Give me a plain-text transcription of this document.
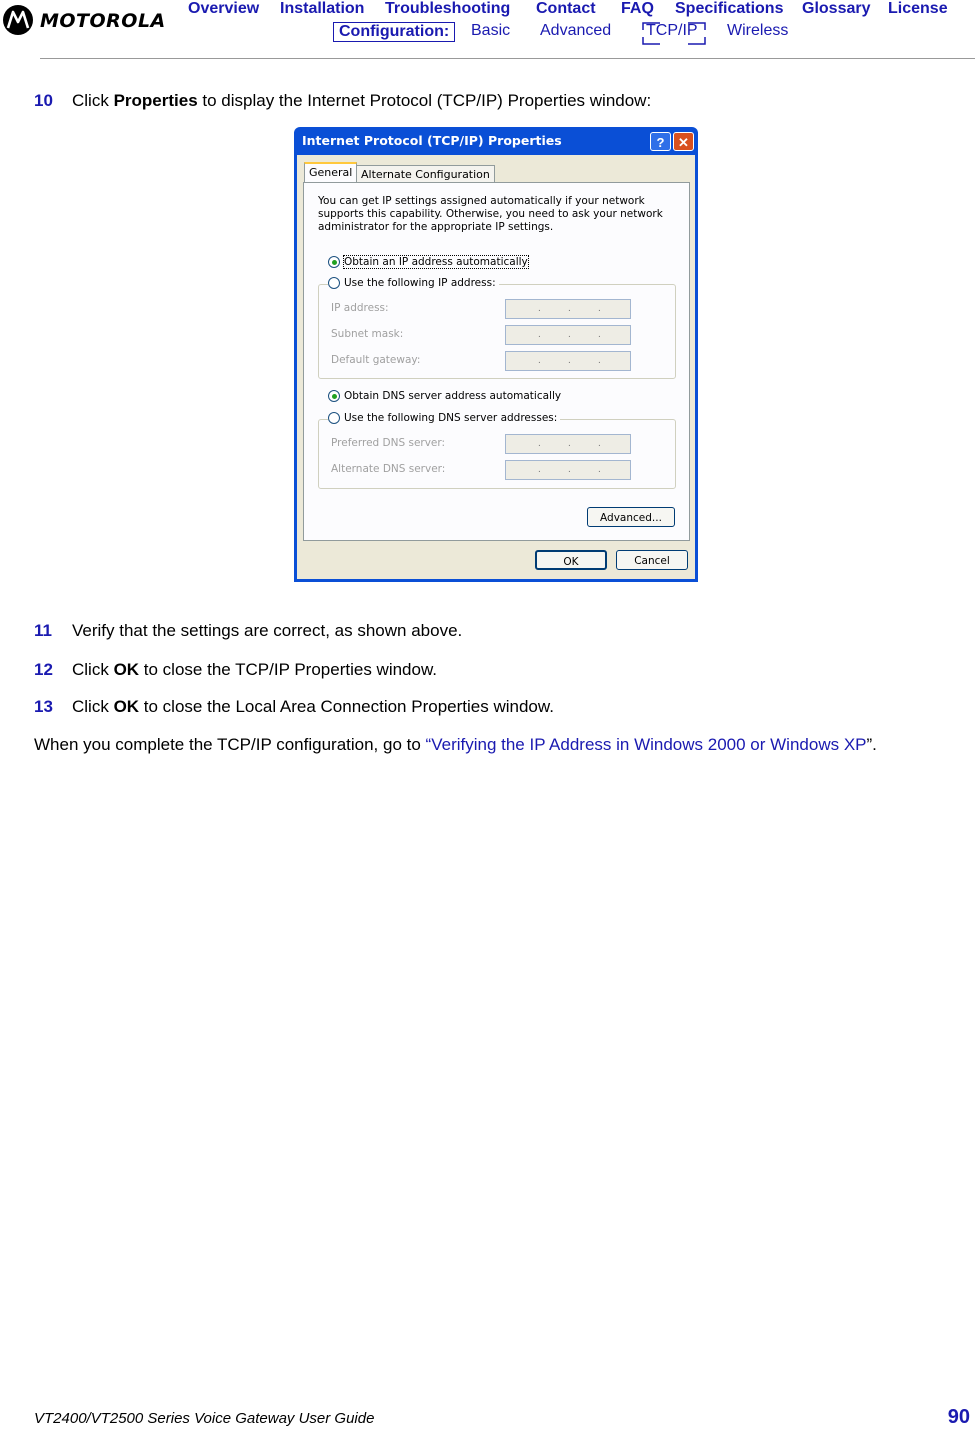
MOTOROLA
Overview Installation Troubleshooting Contact FAQ Specifications Glossary License
Configuration:	Basic Advanced TCP/IP Wireless
10 Click Properties to display the Internet Protocol (TCP/IP) Properties window:
Internet Protocol (TCP/IP) Properties	?	✕
General Alternate Configuration
You can get IP settings assigned automatically if your network supports this capability. Otherwise, you need to ask your network administrator for the appropriate IP settings.
Obtain an IP address automatically
IP address:	.	.	.
Subnet mask:	.	.	.
Default gateway:	.	.	.
Use the following IP address:
Obtain DNS server address automatically
Preferred DNS server:	.	.	.
Alternate DNS server:	.	.	.
Use the following DNS server addresses:
Advanced...
OK	Cancel
11 Verify that the settings are correct, as shown above.
12 Click OK to close the TCP/IP Properties window.
13 Click OK to close the Local Area Connection Properties window.
When you complete the TCP/IP configuration, go to “Verifying the IP Address in Windows 2000 or Windows XP”.
VT2400/VT2500 Series Voice Gateway User Guide	90
